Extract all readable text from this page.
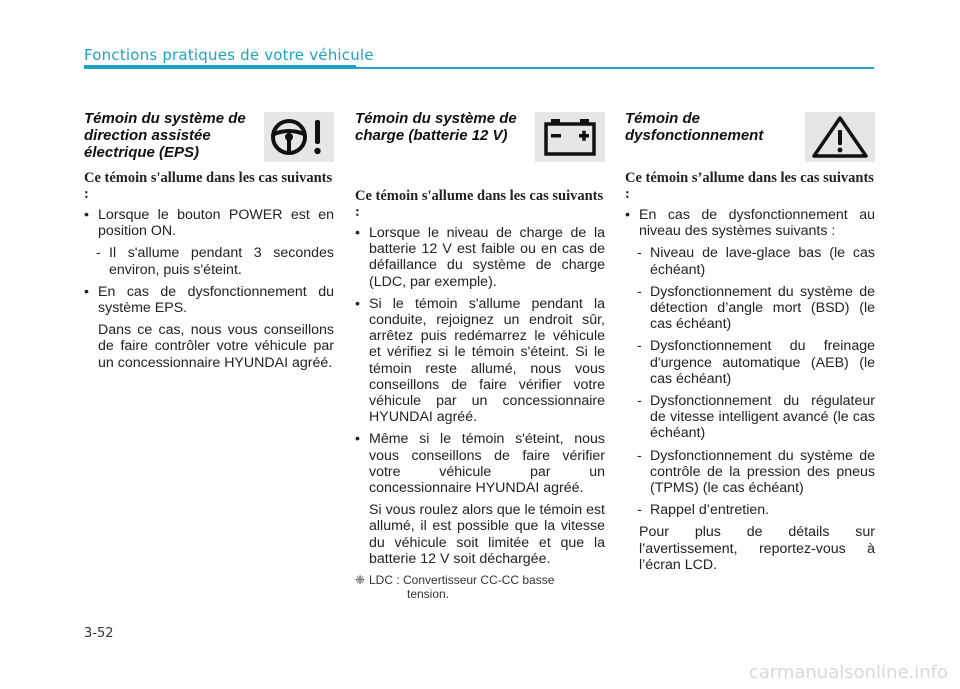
Fonctions pratiques de votre véhicule
Témoin du système de direction assistée électrique (EPS)
Ce témoin s'allume dans les cas suivants :
• Lorsque le bouton POWER est en position ON.
- Il s'allume pendant 3 secondes environ, puis s'éteint.
• En cas de dysfonctionnement du système EPS.
Dans ce cas, nous vous conseillons de faire contrôler votre véhicule par un concessionnaire HYUNDAI agréé.
Témoin du système de charge (batterie 12 V)
Ce témoin s'allume dans les cas suivants :
• Lorsque le niveau de charge de la batterie 12 V est faible ou en cas de défaillance du système de charge (LDC, par exemple).
• Si le témoin s'allume pendant la conduite, rejoignez un endroit sûr, arrêtez puis redémarrez le véhicule et vérifiez si le témoin s'éteint. Si le témoin reste allumé, nous vous conseillons de faire vérifier votre véhicule par un concessionnaire HYUNDAI agréé.
• Même si le témoin s'éteint, nous vous conseillons de faire vérifier votre véhicule par un concessionnaire HYUNDAI agréé.
Si vous roulez alors que le témoin est allumé, il est possible que la vitesse du véhicule soit limitée et que la batterie 12 V soit déchargée.
❈ LDC : Convertisseur CC-CC basse
tension.
Témoin de dysfonctionnement
Ce témoin s’allume dans les cas suivants :
• En cas de dysfonctionnement au niveau des systèmes suivants :
- Niveau de lave-glace bas (le cas échéant)
- Dysfonctionnement du système de détection d’angle mort (BSD) (le cas échéant)
- Dysfonctionnement du freinage d'urgence automatique (AEB) (le cas échéant)
- Dysfonctionnement du régulateur de vitesse intelligent avancé (le cas échéant)
- Dysfonctionnement du système de contrôle de la pression des pneus (TPMS) (le cas échéant)
- Rappel d’entretien.
Pour plus de détails sur l’avertissement, reportez-vous à l’écran LCD.
3-52
carmanualsonline.info
